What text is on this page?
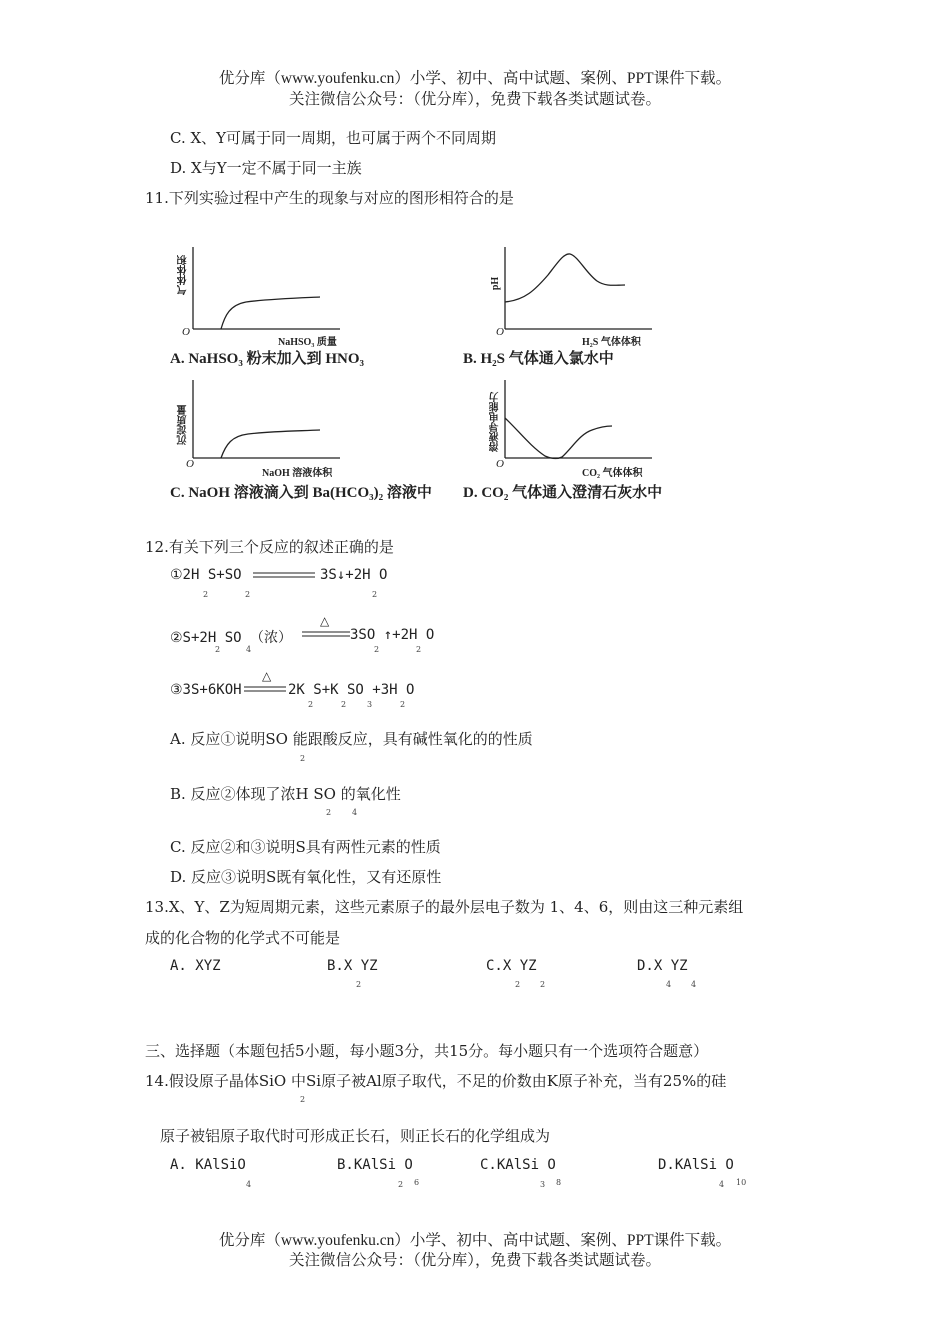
优分库（www.youfenku.cn）小学、初中、高中试题、案例、PPT课件下载。
关注微信公众号：（优分库），免费下载各类试题试卷。
C. X、Y可属于同一周期，也可属于两个不同周期
D. X与Y一定不属于同一主族
11.下列实验过程中产生的现象与对应的图形相符合的是
气体体积
O
NaHSO₃ 质量
A. NaHSO₃ 粉末加入到 HNO₃
pH
O
H₂S 气体体积
B. H₂S 气体通入氯水中
沉淀质量
O
NaOH 溶液体积
C. NaOH 溶液滴入到 Ba(HCO₃)₂ 溶液中
溶液导电能力
O
CO₂ 气体体积
D. CO₂ 气体通入澄清石灰水中
12.有关下列三个反应的叙述正确的是
①2H S+SO	3S↓+2H O
2	2	2
②S+2H SO （浓）
△
3SO ↑+2H O
2	4	2	2
③3S+6KOH
△
2K S+K SO +3H O
2	2	3	2
A. 反应①说明SO 能跟酸反应，具有碱性氧化的的性质
2
B. 反应②体现了浓H SO 的氧化性
2	4
C. 反应②和③说明S具有两性元素的性质
D. 反应③说明S既有氧化性，又有还原性
13.X、Y、Z为短周期元素，这些元素原子的最外层电子数为 1、4、6，则由这三种元素组
成的化合物的化学式不可能是
A. XYZ	B.X YZ
2
C.X YZ
2 2
D.X YZ
4 4
三、选择题（本题包括5小题，每小题3分，共15分。每小题只有一个选项符合题意）
14.假设原子晶体SiO 中Si原子被Al原子取代，不足的价数由K原子补充，当有25%的硅
2
原子被铝原子取代时可形成正长石，则正长石的化学组成为
A. KAlSiO
4
B.KAlSi O
2 6
C.KAlSi O
3 8
D.KAlSi O
4 10
优分库（www.youfenku.cn）小学、初中、高中试题、案例、PPT课件下载。
关注微信公众号：（优分库），免费下载各类试题试卷。
